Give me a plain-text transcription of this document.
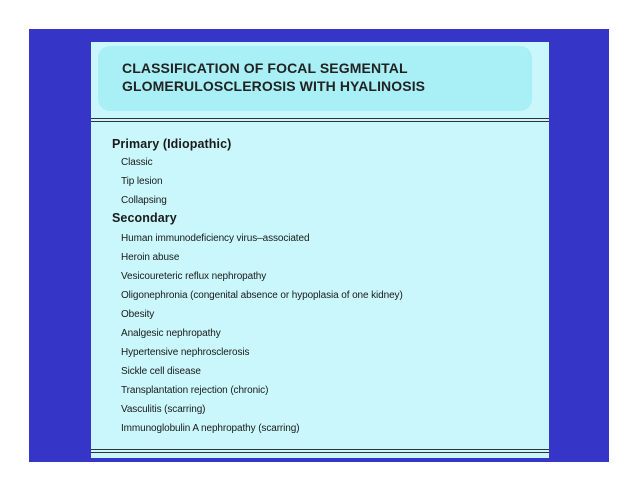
CLASSIFICATION OF FOCAL SEGMENTAL
GLOMERULOSCLEROSIS WITH HYALINOSIS

Primary (Idiopathic)

Classic

Tip lesion

Collapsing

Secondary

Human immunodeficiency virus–associated

Heroin abuse

Vesicoureteric reflux nephropathy

Oligonephronia (congenital absence or hypoplasia of one kidney)

Obesity

Analgesic nephropathy

Hypertensive nephrosclerosis

Sickle cell disease

Transplantation rejection (chronic)

Vasculitis (scarring)

Immunoglobulin A nephropathy (scarring)
